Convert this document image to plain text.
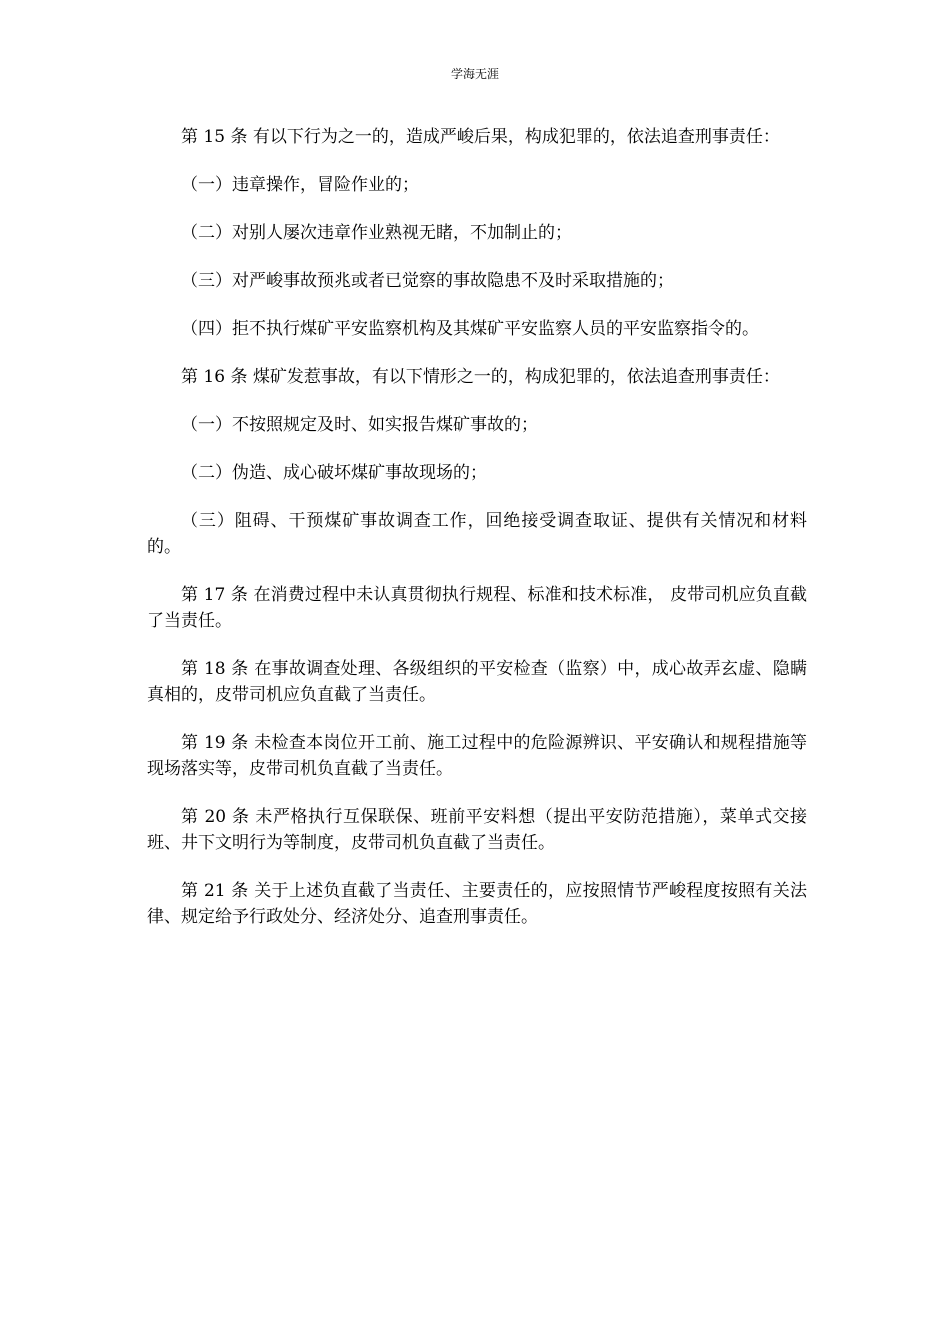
学海无涯

第 15 条 有以下行为之一的，造成严峻后果，构成犯罪的，依法追查刑事责任：

（一）违章操作，冒险作业的；

（二）对别人屡次违章作业熟视无睹，不加制止的；

（三）对严峻事故预兆或者已觉察的事故隐患不及时采取措施的；

（四）拒不执行煤矿平安监察机构及其煤矿平安监察人员的平安监察指令的。

第 16 条 煤矿发惹事故，有以下情形之一的，构成犯罪的，依法追查刑事责任：

（一）不按照规定及时、如实报告煤矿事故的；

（二）伪造、成心破坏煤矿事故现场的；

（三）阻碍、干预煤矿事故调查工作，回绝接受调查取证、提供有关情况和材料的。

第 17 条 在消费过程中未认真贯彻执行规程、标准和技术标准， 皮带司机应负直截了当责任。

第 18 条 在事故调查处理、各级组织的平安检查（监察）中，成心故弄玄虚、隐瞒真相的，皮带司机应负直截了当责任。

第 19 条 未检查本岗位开工前、施工过程中的危险源辨识、平安确认和规程措施等现场落实等，皮带司机负直截了当责任。

第 20 条 未严格执行互保联保、班前平安料想（提出平安防范措施），菜单式交接班、井下文明行为等制度，皮带司机负直截了当责任。

第 21 条 关于上述负直截了当责任、主要责任的，应按照情节严峻程度按照有关法律、规定给予行政处分、经济处分、追查刑事责任。
